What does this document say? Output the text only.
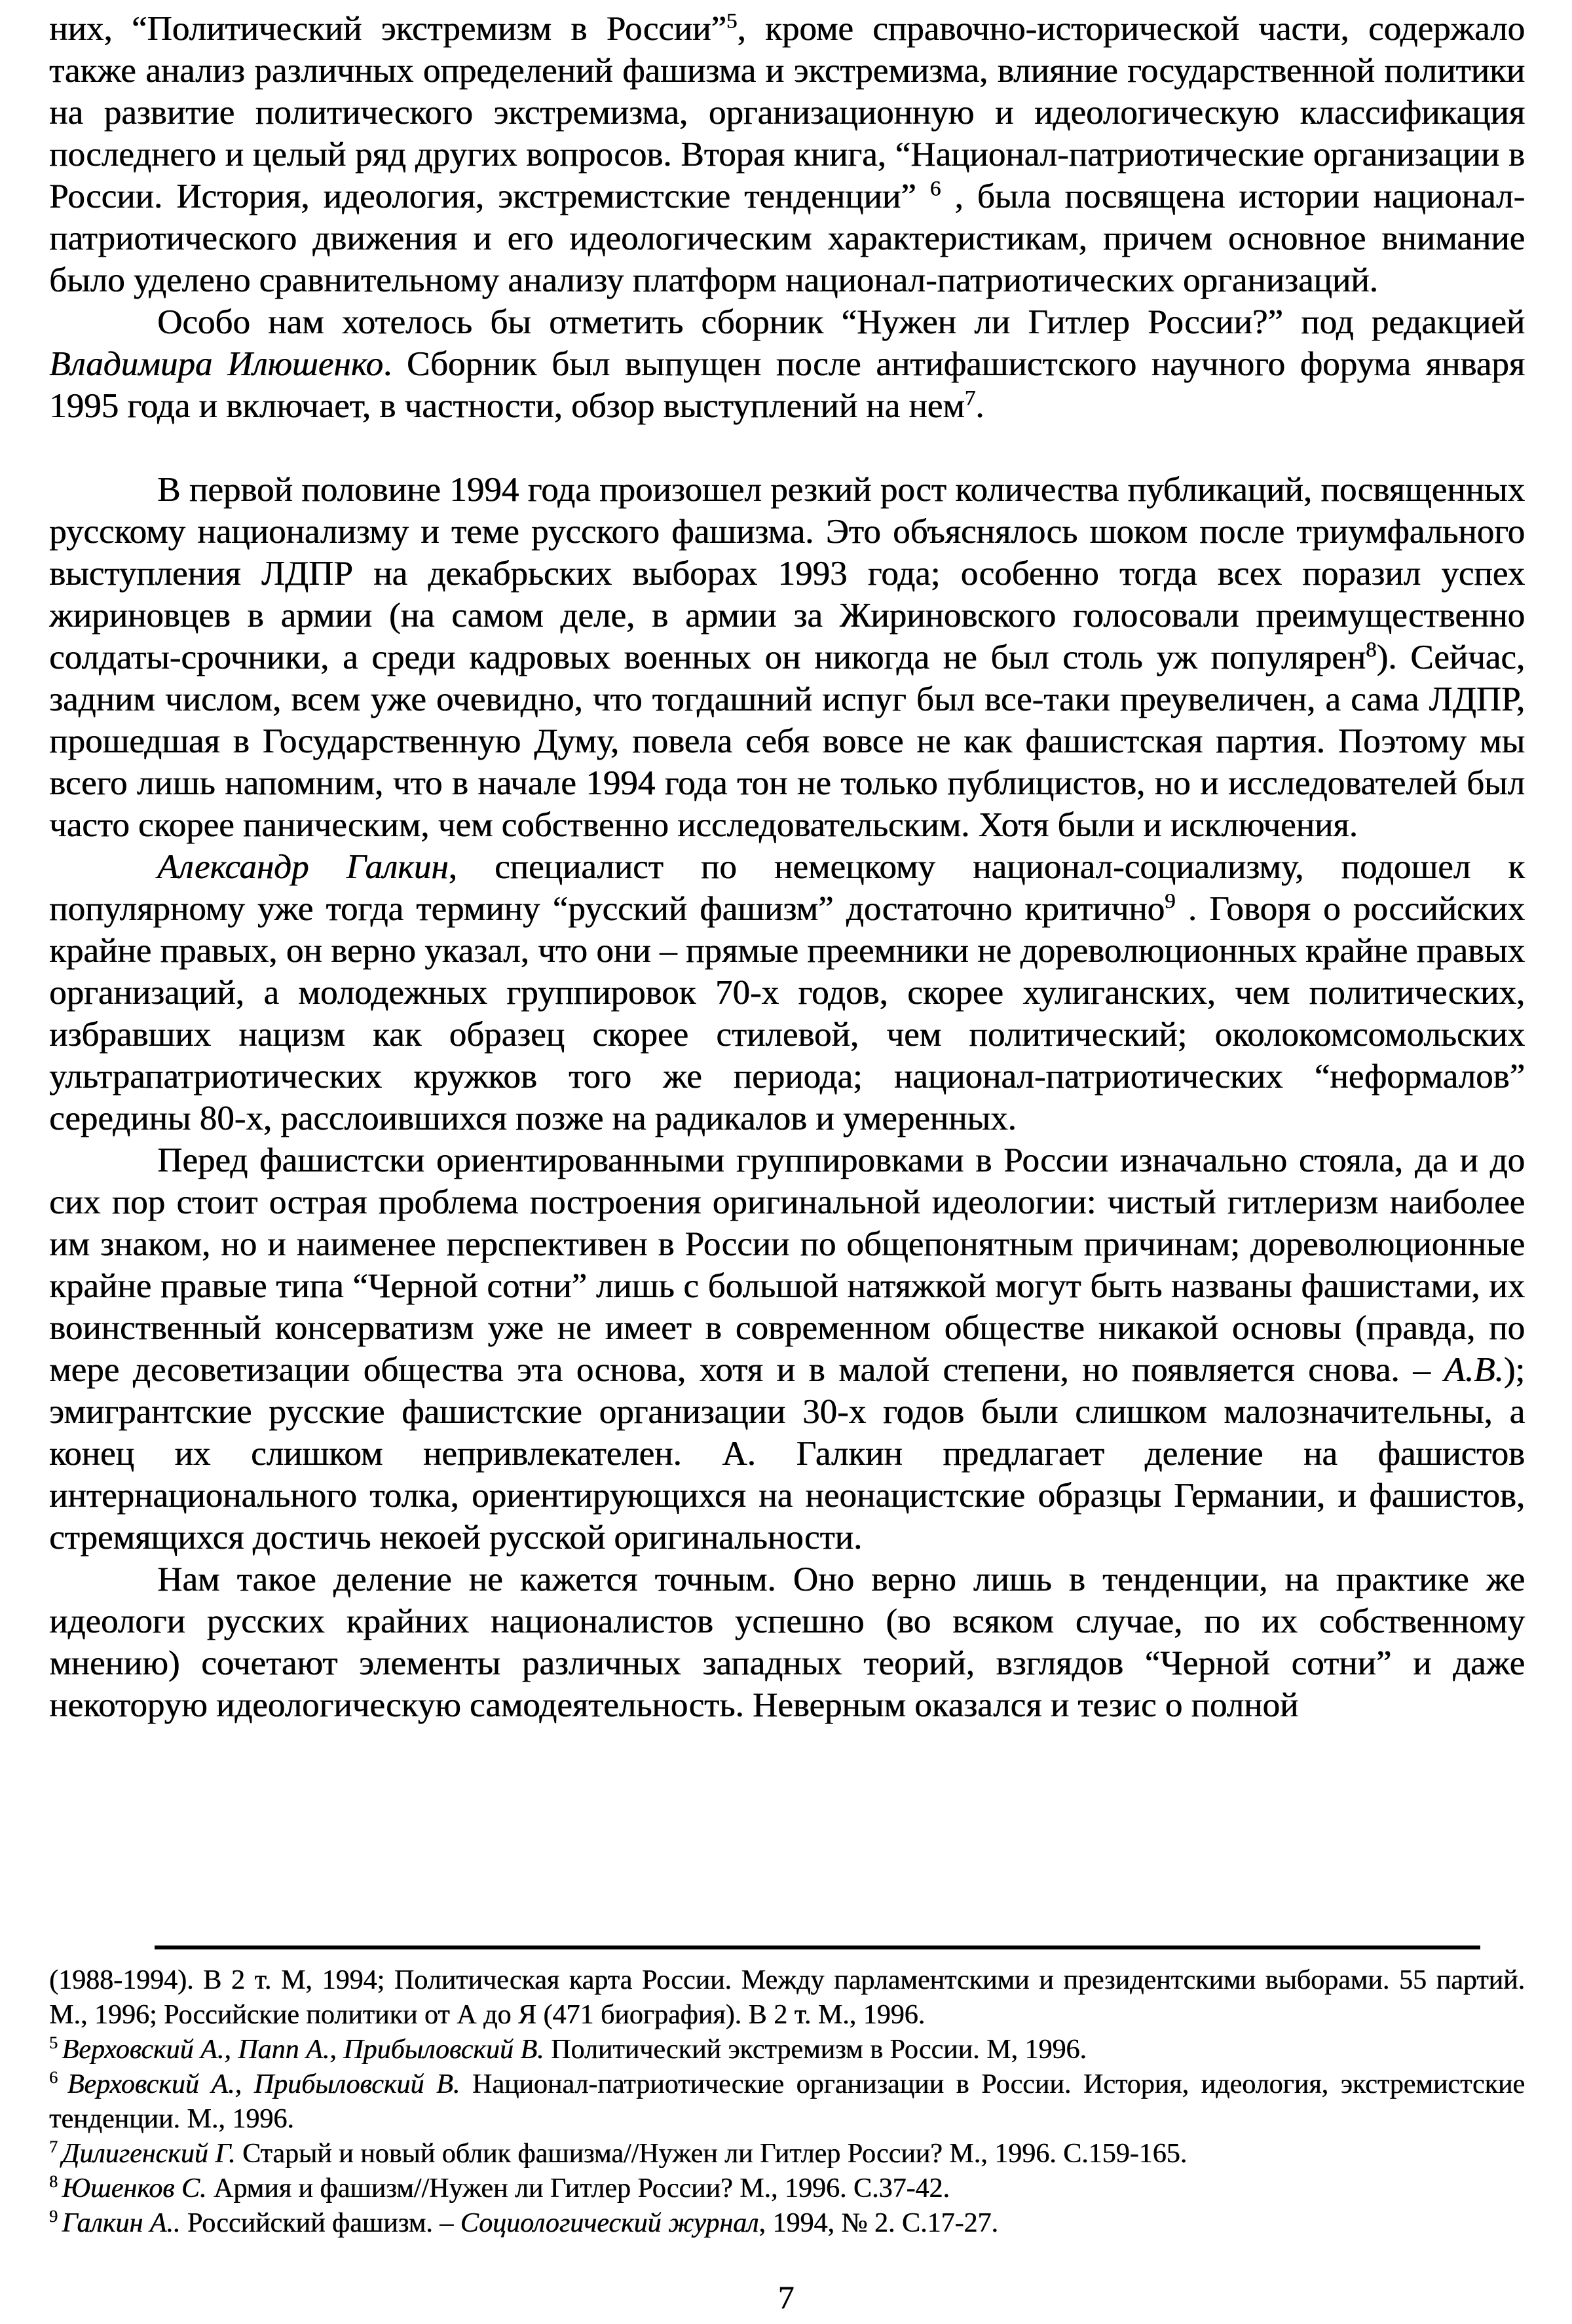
них, “Политический экстремизм в России”$^5$, кроме справочно-исторической части, содержало также анализ различных определений фашизма и экстремизма, влияние государственной политики на развитие политического экстремизма, организационную и идеологическую классификация последнего и целый ряд других вопросов. Вторая книга, “Национал-патриотические организации в России. История, идеология, экстремистские тенденции” $^6$ , была посвящена истории национал-патриотического движения и его идеологическим характеристикам, причем основное внимание было уделено сравнительному анализу платформ национал-патриотических организаций.

Особо нам хотелось бы отметить сборник “Нужен ли Гитлер России?” под редакцией Владимира Илюшенко. Сборник был выпущен после антифашистского научного форума января 1995 года и включает, в частности, обзор выступлений на нем$^7$.

В первой половине 1994 года произошел резкий рост количества публикаций, посвященных русскому национализму и теме русского фашизма. Это объяснялось шоком после триумфального выступления ЛДПР на декабрьских выборах 1993 года; особенно тогда всех поразил успех жириновцев в армии (на самом деле, в армии за Жириновского голосовали преимущественно солдаты-срочники, а среди кадровых военных он никогда не был столь уж популярен$^8$). Сейчас, задним числом, всем уже очевидно, что тогдашний испуг был все-таки преувеличен, а сама ЛДПР, прошедшая в Государственную Думу, повела себя вовсе не как фашистская партия. Поэтому мы всего лишь напомним, что в начале 1994 года тон не только публицистов, но и исследователей был часто скорее паническим, чем собственно исследовательским. Хотя были и исключения.

Александр Галкин, специалист по немецкому национал-социализму, подошел к популярному уже тогда термину “русский фашизм” достаточно критично$^9$ . Говоря о российских крайне правых, он верно указал, что они – прямые преемники не дореволюционных крайне правых организаций, а молодежных группировок 70-х годов, скорее хулиганских, чем политических, избравших нацизм как образец скорее стилевой, чем политический; околокомсомольских ультрапатриотических кружков того же периода; национал-патриотических “неформалов” середины 80-х, расслоившихся позже на радикалов и умеренных.

Перед фашистски ориентированными группировками в России изначально стояла, да и до сих пор стоит острая проблема построения оригинальной идеологии: чистый гитлеризм наиболее им знаком, но и наименее перспективен в России по общепонятным причинам; дореволюционные крайне правые типа “Черной сотни” лишь с большой натяжкой могут быть названы фашистами, их воинственный консерватизм уже не имеет в современном обществе никакой основы (правда, по мере десоветизации общества эта основа, хотя и в малой степени, но появляется снова. – А.В.); эмигрантские русские фашистские организации 30-х годов были слишком малозначительны, а конец их слишком непривлекателен. А. Галкин предлагает деление на фашистов интернационального толка, ориентирующихся на неонацистские образцы Германии, и фашистов, стремящихся достичь некоей русской оригинальности.

Нам такое деление не кажется точным. Оно верно лишь в тенденции, на практике же идеологи русских крайних националистов успешно (во всяком случае, по их собственному мнению) сочетают элементы различных западных теорий, взглядов “Черной сотни” и даже некоторую идеологическую самодеятельность. Неверным оказался и тезис о полной

(1988-1994). В 2 т. М, 1994; Политическая карта России. Между парламентскими и президентскими выборами. 55 партий. М., 1996; Российские политики от А до Я (471 биография). В 2 т. М., 1996.

$^5$ Верховский А., Папп А., Прибыловский В. Политический экстремизм в России. М, 1996.

$^6$ Верховский А., Прибыловский В. Национал-патриотические организации в России. История, идеология, экстремистские тенденции. М., 1996.

$^7$ Дилигенский Г. Старый и новый облик фашизма//Нужен ли Гитлер России? М., 1996. С.159-165.

$^8$ Юшенков С. Армия и фашизм//Нужен ли Гитлер России? М., 1996. С.37-42.

$^9$ Галкин А.. Российский фашизм. – Социологический журнал, 1994, № 2. С.17-27.

7
